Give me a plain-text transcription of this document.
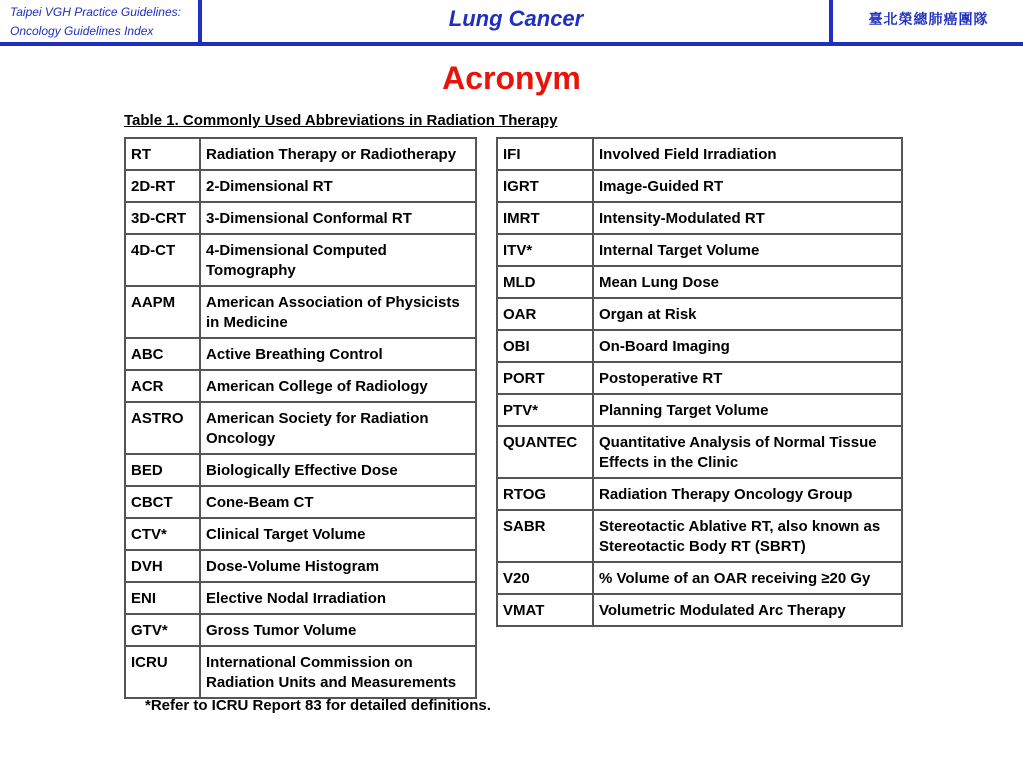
Taipei VGH Practice Guidelines:
Oncology Guidelines Index	Lung Cancer	臺北榮總肺癌團隊
Acronym
Table 1. Commonly Used Abbreviations in Radiation Therapy
RT	Radiation Therapy or Radiotherapy
2D-RT	2-Dimensional RT
3D-CRT	3-Dimensional Conformal RT
4D-CT	4-Dimensional Computed Tomography
AAPM	American Association of Physicists in Medicine
ABC	Active Breathing Control
ACR	American College of Radiology
ASTRO	American Society for Radiation Oncology
BED	Biologically Effective Dose
CBCT	Cone-Beam CT
CTV*	Clinical Target Volume
DVH	Dose-Volume Histogram
ENI	Elective Nodal Irradiation
GTV*	Gross Tumor Volume
ICRU	International Commission on Radiation Units and Measurements
IFI	Involved Field Irradiation
IGRT	Image-Guided RT
IMRT	Intensity-Modulated RT
ITV*	Internal Target Volume
MLD	Mean Lung Dose
OAR	Organ at Risk
OBI	On-Board Imaging
PORT	Postoperative RT
PTV*	Planning Target Volume
QUANTEC	Quantitative Analysis of Normal Tissue Effects in the Clinic
RTOG	Radiation Therapy Oncology Group
SABR	Stereotactic Ablative RT, also known as Stereotactic Body RT (SBRT)
V20	% Volume of an OAR receiving ≥20 Gy
VMAT	Volumetric Modulated Arc Therapy
*Refer to ICRU Report 83 for detailed definitions.
